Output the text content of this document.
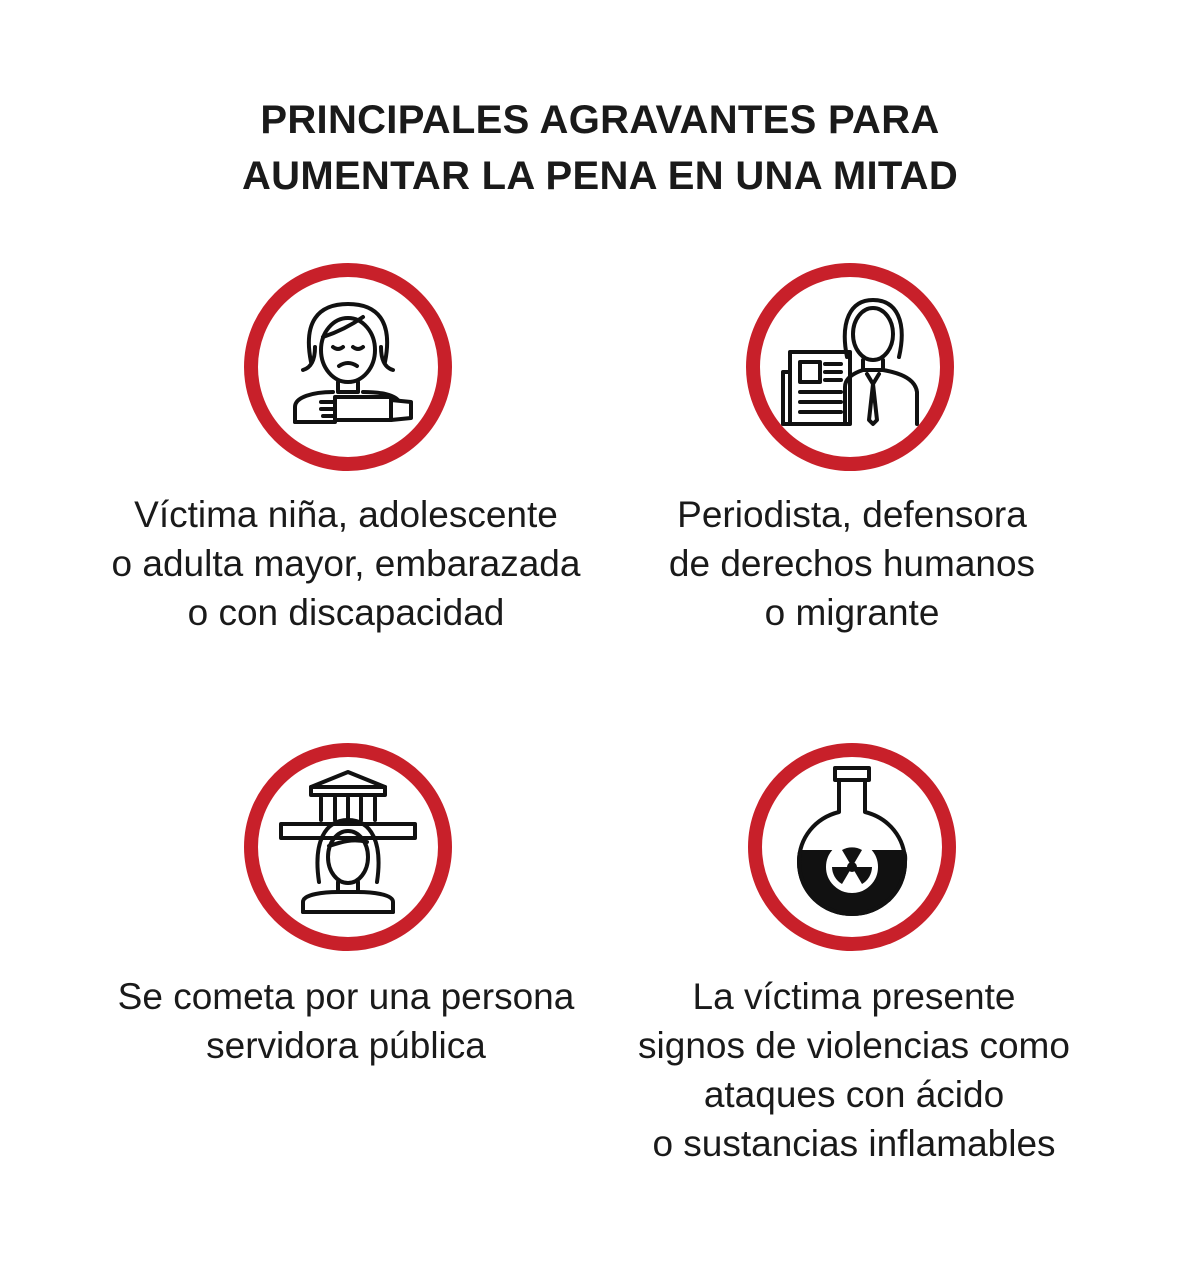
PRINCIPALES AGRAVANTES PARA
AUMENTAR LA PENA EN UNA MITAD
Víctima niña, adolescente
o adulta mayor, embarazada
o con discapacidad
Periodista, defensora
de derechos humanos
o migrante
Se cometa por una persona
servidora pública
La víctima presente
signos de violencias como
ataques con ácido
o sustancias inflamables
